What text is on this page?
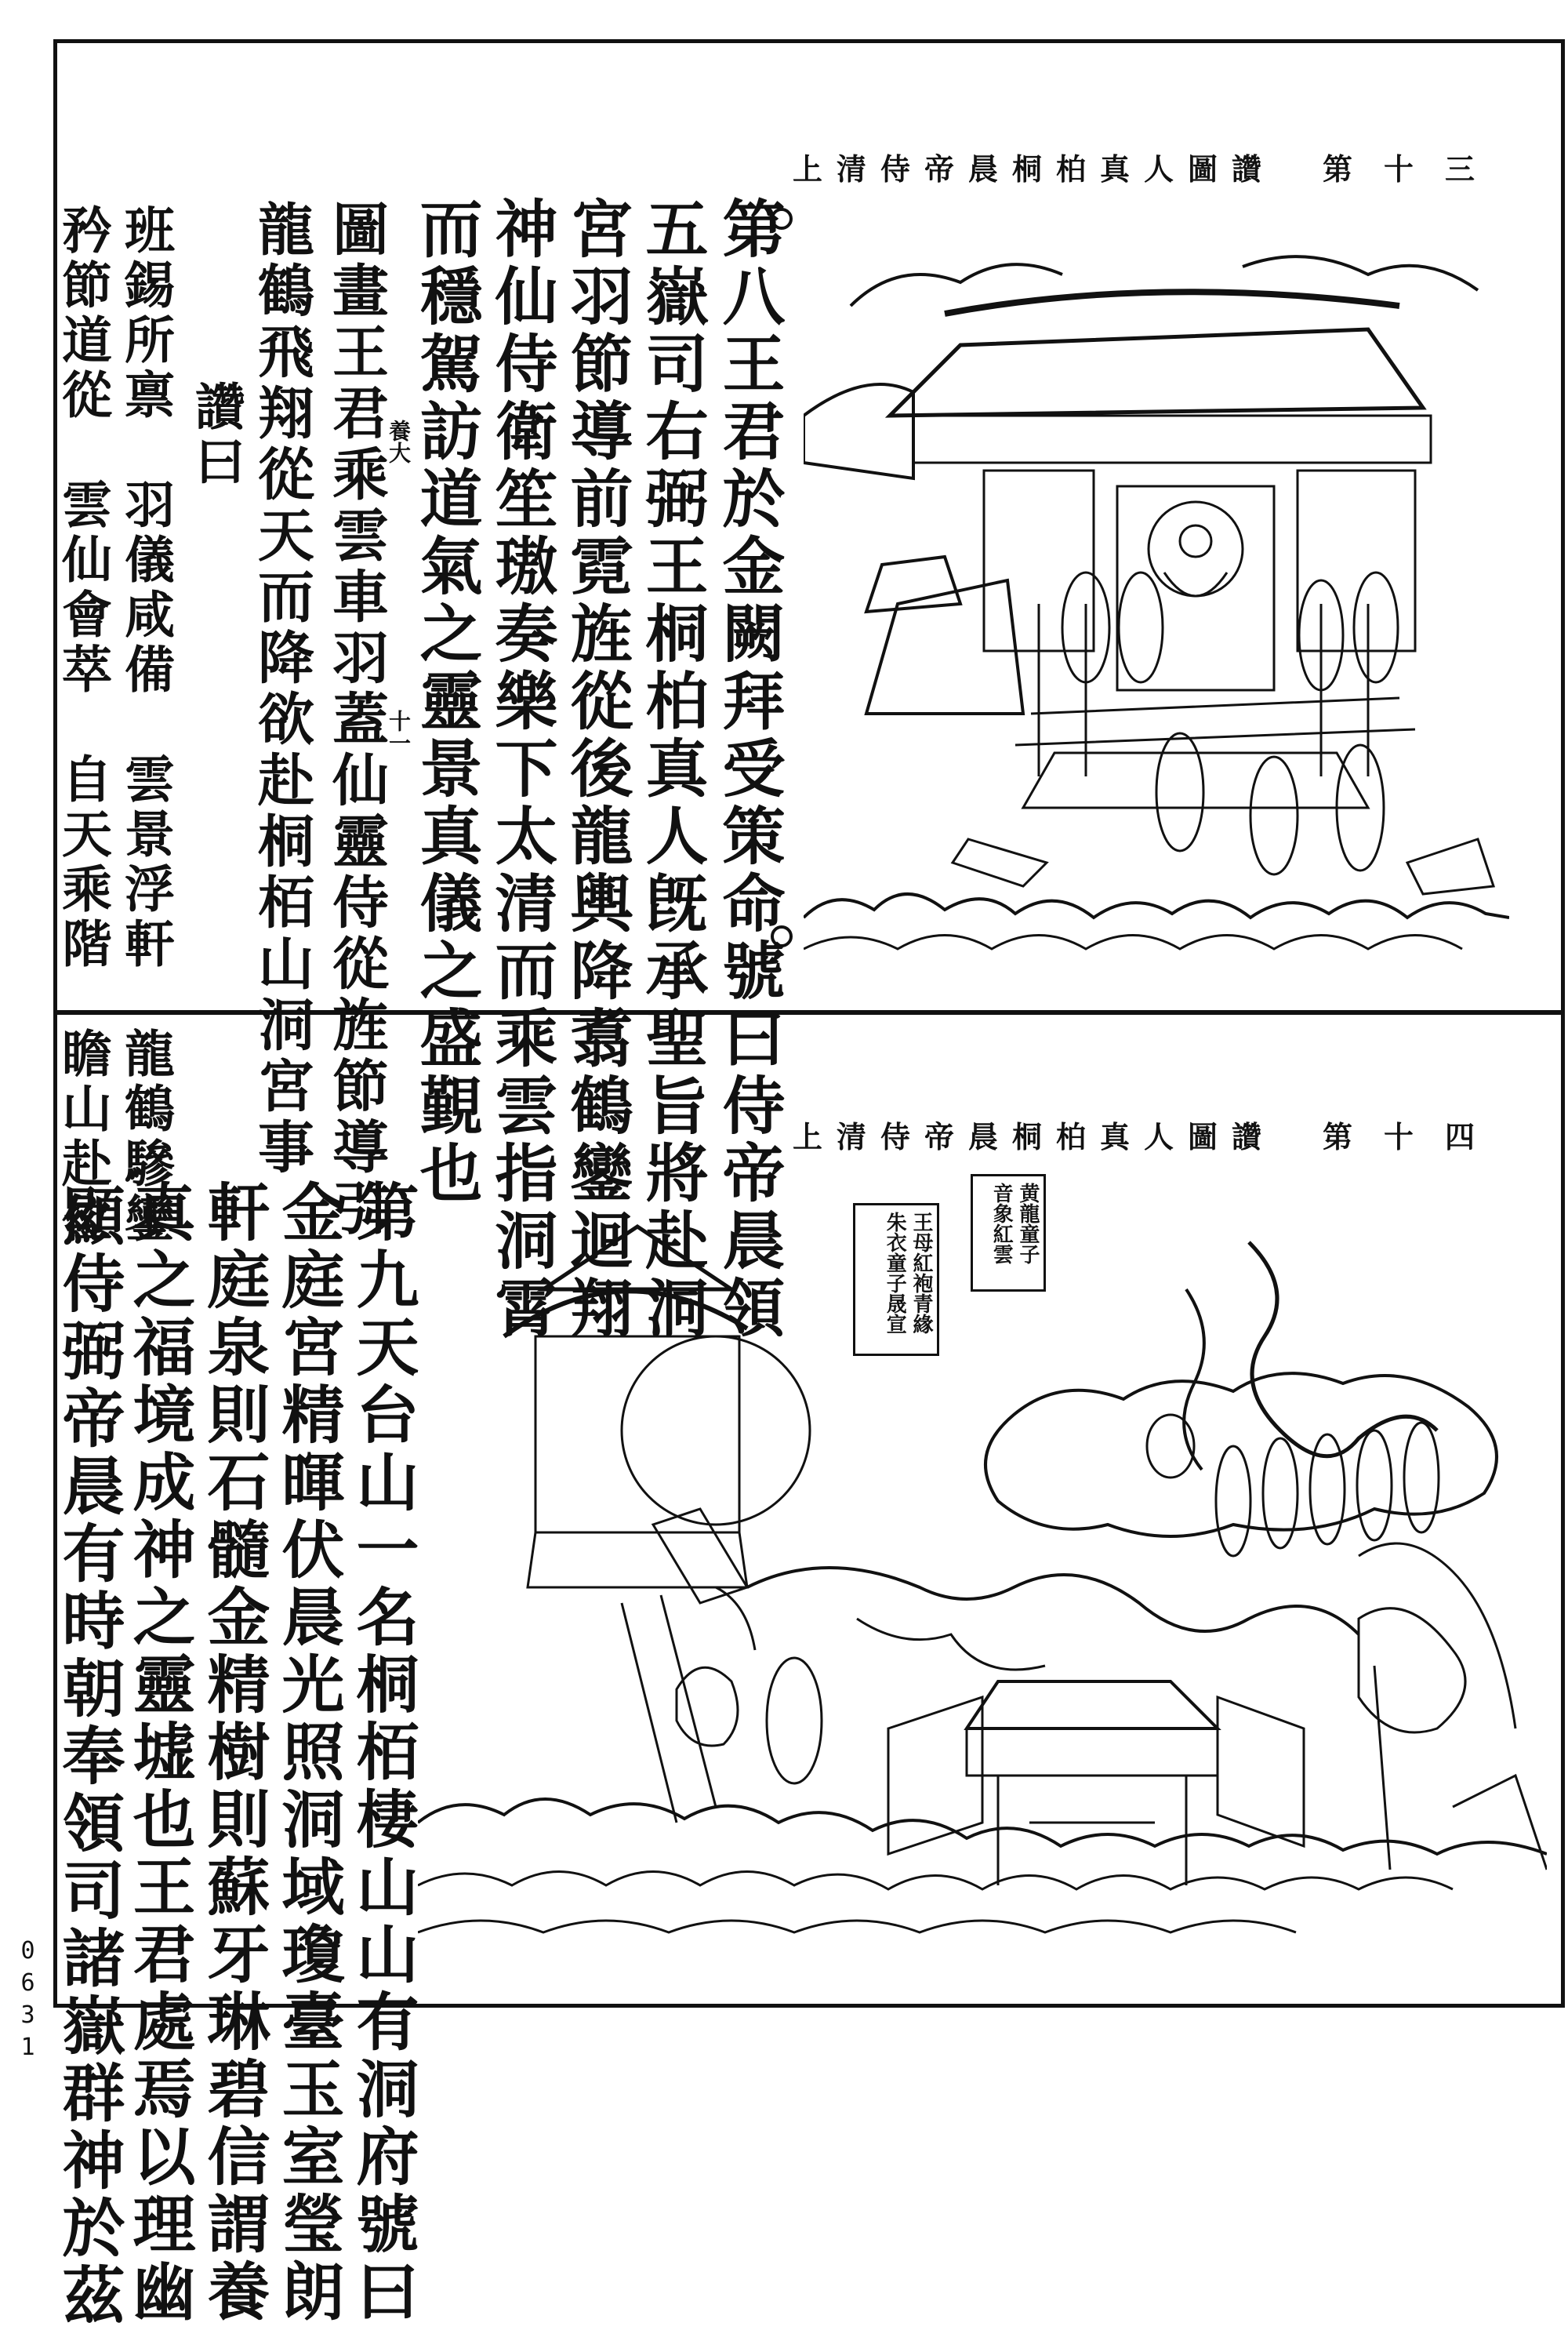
上清侍帝晨桐柏真人圖讚 第十三
第八王君於金闕拜受策命號曰侍帝晨領
五嶽司右弼王桐柏真人旣承聖旨將赴洞
宮羽節導前霓旌從後龍輿降翥鶴鑾迴翔
神仙侍衛笙璈奏樂下太清而乘雲指洞霄
而穩駕訪道氣之靈景真儀之盛覲也
養大
十一
圖畫王君乘雲車羽蓋仙靈侍從旌節導引
龍鶴飛翔從天而降欲赴桐栢山洞宮事
讚曰
班錫所禀　羽儀咸備　雲景浮軒　龍鶴驂鑾
矜節道從　雲仙會萃　自天乘階　瞻山赴位	上清侍帝晨桐柏真人圖讚 第十四
黄龍童子音象紅雲
王母紅袍青緣朱衣童子晟宣
第九天台山一名桐栢棲山山有洞府號曰
金庭宮精暉伏晨光照洞域瓊臺玉室瑩朗
軒庭泉則石髓金精樹則蘇牙琳碧信謂養
真之福境成神之靈墟也王君處焉以理幽
顯侍弼帝晨有時朝奉領司諸嶽群神於茲
0631
